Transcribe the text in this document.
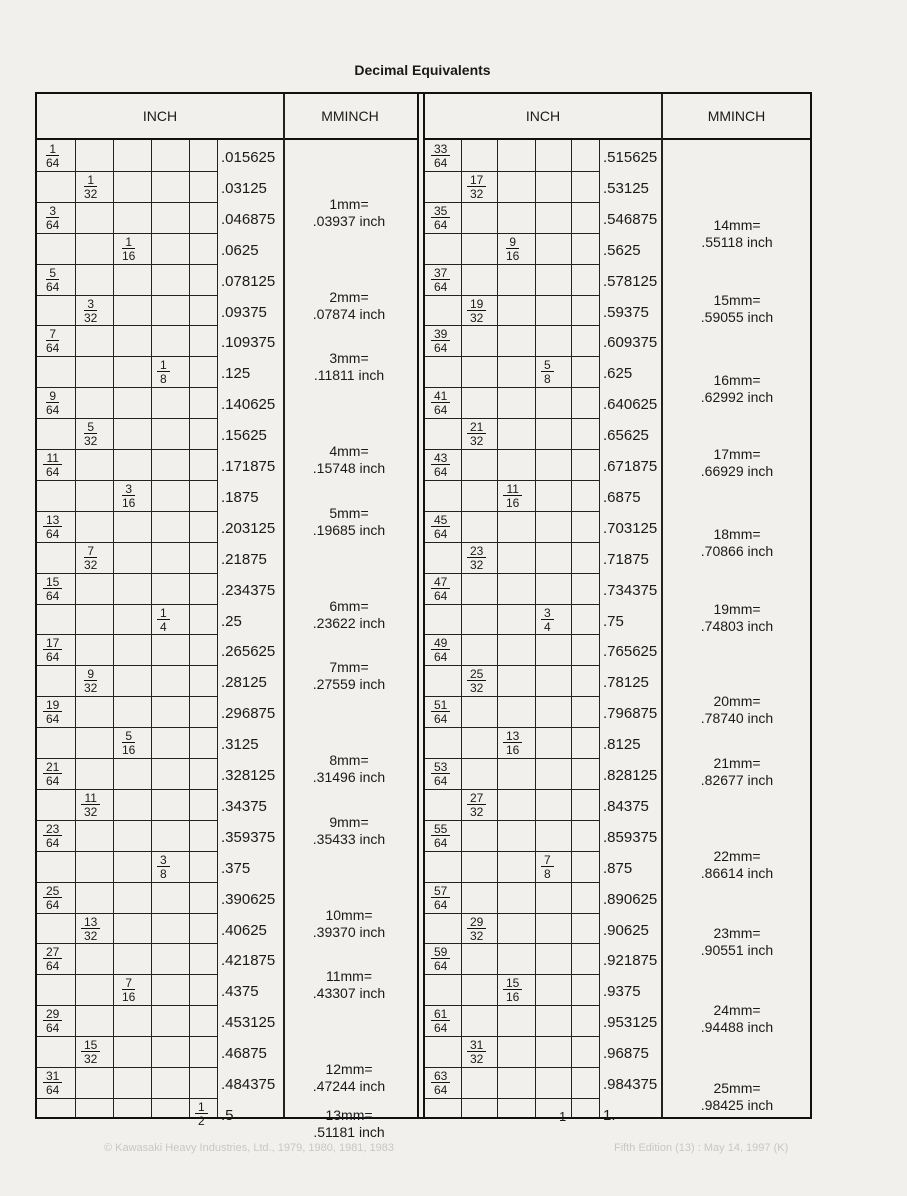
Decimal Equivalents
INCH	MM INCH
$\frac{1}{64}$	.015625
$\frac{1}{32}$	.03125
$\frac{3}{64}$	.046875
$\frac{1}{16}$	.0625
$\frac{5}{64}$	.078125
$\frac{3}{32}$	.09375
$\frac{7}{64}$	.109375
$\frac{1}{8}$	.125
$\frac{9}{64}$	.140625
$\frac{5}{32}$	.15625
$\frac{11}{64}$	.171875
$\frac{3}{16}$	.1875
$\frac{13}{64}$	.203125
$\frac{7}{32}$	.21875
$\frac{15}{64}$	.234375
$\frac{1}{4}$	.25
$\frac{17}{64}$	.265625
$\frac{9}{32}$	.28125
$\frac{19}{64}$	.296875
$\frac{5}{16}$	.3125
$\frac{21}{64}$	.328125
$\frac{11}{32}$	.34375
$\frac{23}{64}$	.359375
$\frac{3}{8}$	.375
$\frac{25}{64}$	.390625
$\frac{13}{32}$	.40625
$\frac{27}{64}$	.421875
$\frac{7}{16}$	.4375
$\frac{29}{64}$	.453125
$\frac{15}{32}$	.46875
$\frac{31}{64}$	.484375
$\frac{1}{2} .5$
1mm=
.03937 inch
2mm=
.07874 inch
3mm=
.11811 inch
4mm=
.15748 inch
5mm=
.19685 inch
6mm=
.23622 inch
7mm=
.27559 inch
8mm=
.31496 inch
9mm=
.35433 inch
10mm=
.39370 inch
11mm=
.43307 inch
12mm=
.47244 inch
13mm=
.51181 inch
INCH	MM INCH
$\frac{33}{64}$	.515625
$\frac{17}{32}$	.53125
$\frac{35}{64}$	.546875
$\frac{9}{16}$	.5625
$\frac{37}{64}$	.578125
$\frac{19}{32}$	.59375
$\frac{39}{64}$	.609375
$\frac{5}{8}$	.625
$\frac{41}{64}$	.640625
$\frac{21}{32}$	.65625
$\frac{43}{64}$	.671875
$\frac{11}{16}$	.6875
$\frac{45}{64}$	.703125
$\frac{23}{32}$	.71875
$\frac{47}{64}$	.734375
$\frac{3}{4}$	.75
$\frac{49}{64}$	.765625
$\frac{25}{32}$	.78125
$\frac{51}{64}$	.796875
$\frac{13}{16}$	.8125
$\frac{53}{64}$	.828125
$\frac{27}{32}$	.84375
$\frac{55}{64}$	.859375
$\frac{7}{8}$	.875
$\frac{57}{64}$	.890625
$\frac{29}{32}$	.90625
$\frac{59}{64}$	.921875
$\frac{15}{16}$	.9375
$\frac{61}{64}$	.953125
$\frac{31}{32}$	.96875
$\frac{63}{64}$	.984375
1 1.
14mm=
.55118 inch
15mm=
.59055 inch
16mm=
.62992 inch
17mm=
.66929 inch
18mm=
.70866 inch
19mm=
.74803 inch
20mm=
.78740 inch
21mm=
.82677 inch
22mm=
.86614 inch
23mm=
.90551 inch
24mm=
.94488 inch
25mm=
.98425 inch
© Kawasaki Heavy Industries, Ltd., 1979, 1980, 1981, 1983	Fifth Edition (13) : May 14, 1997 (K)
